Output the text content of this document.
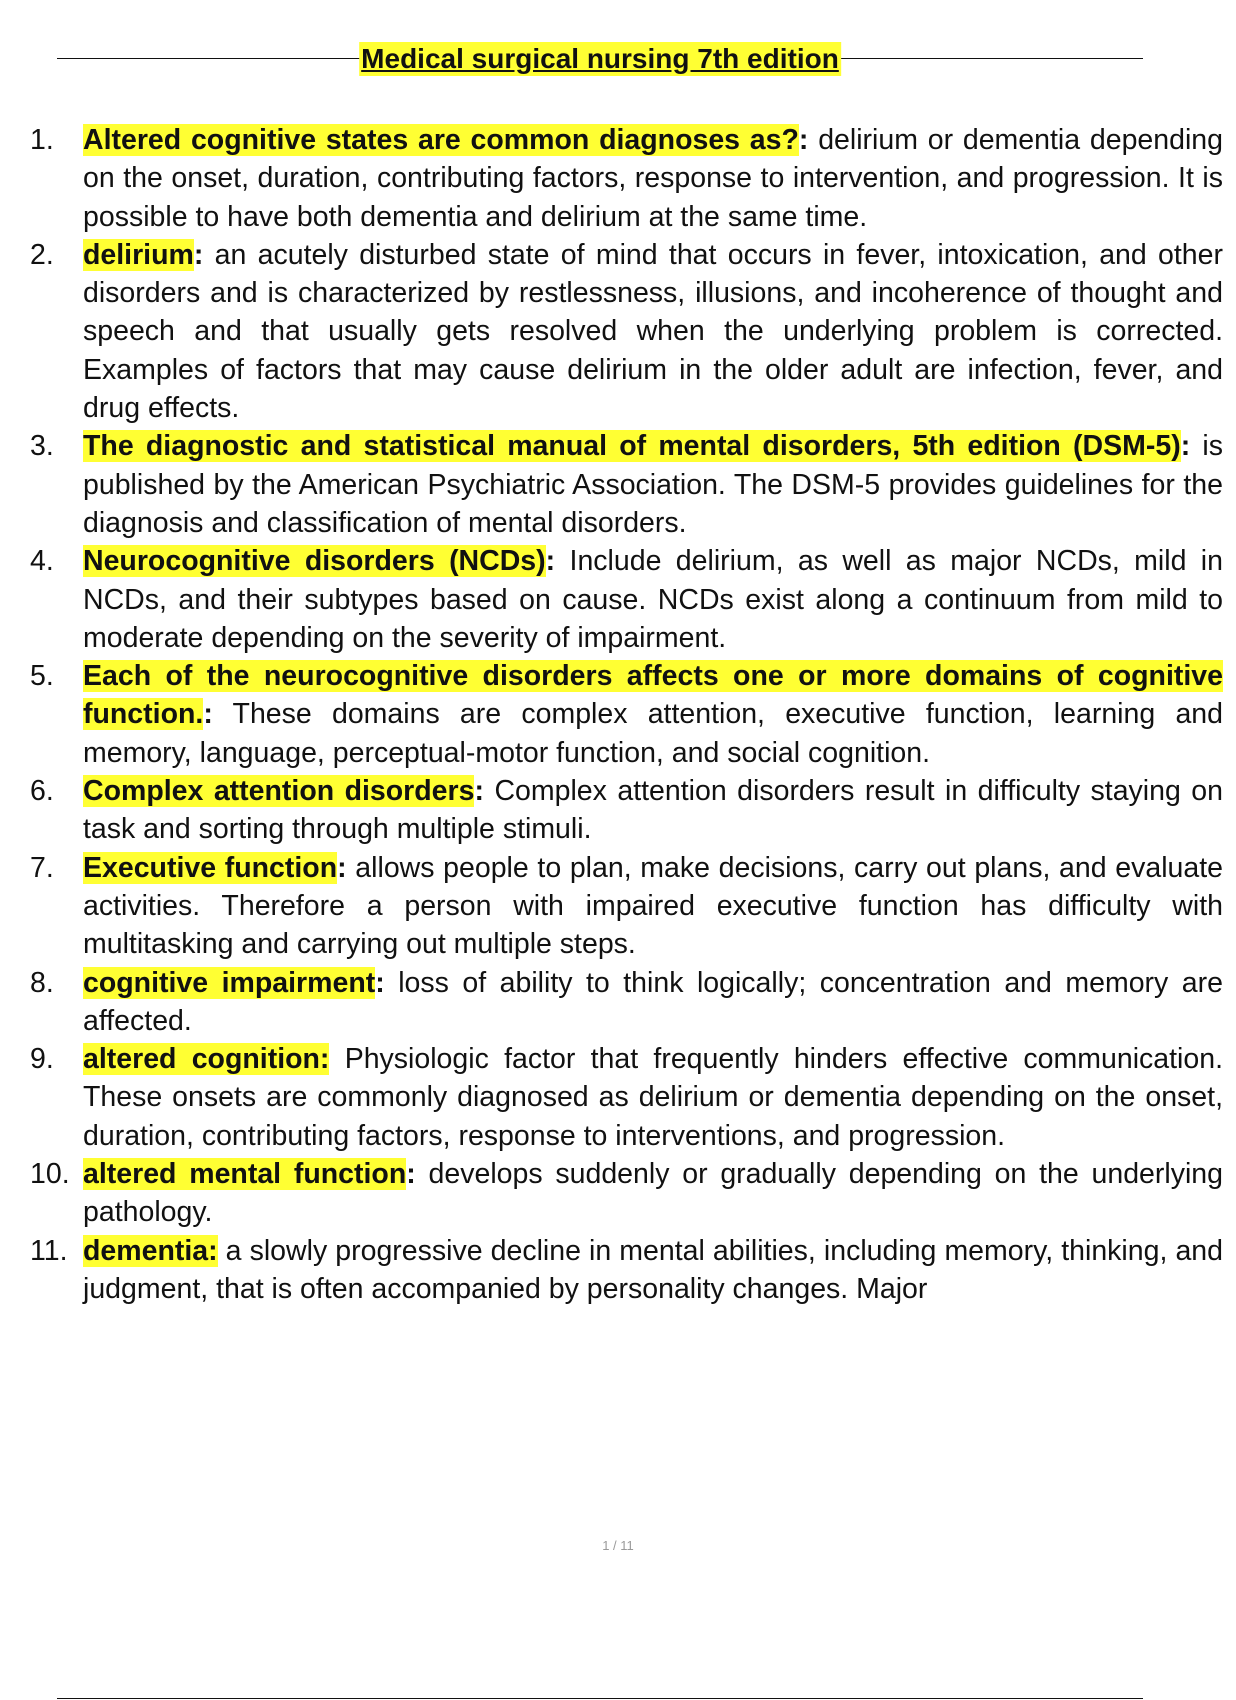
Medical surgical nursing 7th edition
1.	Altered cognitive states are common diagnoses as?: delirium or dementia depending on the onset, duration, contributing factors, response to intervention, and progression. It is possible to have both dementia and delirium at the same time.
2.	delirium: an acutely disturbed state of mind that occurs in fever, intoxication, and other disorders and is characterized by restlessness, illusions, and incoherence of thought and speech and that usually gets resolved when the underlying problem is corrected. Examples of factors that may cause delirium in the older adult are infection, fever, and drug effects.
3.	The diagnostic and statistical manual of mental disorders, 5th edition (DSM-5): is published by the American Psychiatric Association. The DSM-5 provides guidelines for the diagnosis and classification of mental disorders.
4.	Neurocognitive disorders (NCDs): Include delirium, as well as major NCDs, mild in NCDs, and their subtypes based on cause. NCDs exist along a continuum from mild to moderate depending on the severity of impairment.
5.	Each of the neurocognitive disorders affects one or more domains of cognitive function.: These domains are complex attention, executive function, learning and memory, language, perceptual-motor function, and social cognition.
6.	Complex attention disorders: Complex attention disorders result in difficulty staying on task and sorting through multiple stimuli.
7.	Executive function: allows people to plan, make decisions, carry out plans, and evaluate activities. Therefore a person with impaired executive function has difficulty with multitasking and carrying out multiple steps.
8.	cognitive impairment: loss of ability to think logically; concentration and memory are affected.
9.	altered cognition: Physiologic factor that frequently hinders effective communication. These onsets are commonly diagnosed as delirium or dementia depending on the onset, duration, contributing factors, response to interventions, and progression.
10. altered mental function: develops suddenly or gradually depending on the underlying pathology.
11. dementia: a slowly progressive decline in mental abilities, including memory, thinking, and judgment, that is often accompanied by personality changes. Major
1 / 11
